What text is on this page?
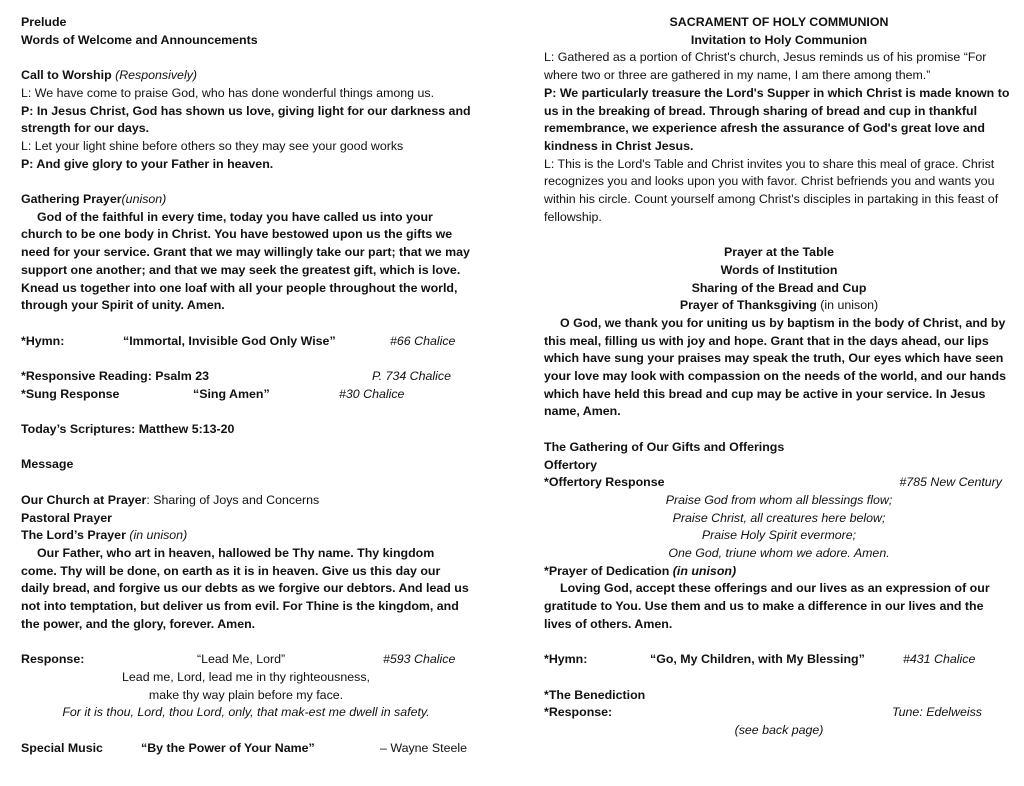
Prelude

Words of Welcome and Announcements

Call to Worship (Responsively)

L: We have come to praise God, who has done wonderful things among us.

P: In Jesus Christ, God has shown us love, giving light for our darkness and strength for our days.

L: Let your light shine before others so they may see your good works

P: And give glory to your Father in heaven.

Gathering Prayer(unison)

God of the faithful in every time, today you have called us into your church to be one body in Christ. You have bestowed upon us the gifts we need for your service. Grant that we may willingly take our part; that we may support one another; and that we may seek the greatest gift, which is love. Knead us together into one loaf with all your people throughout the world, through your Spirit of unity. Amen.

*Hymn:	“Immortal, Invisible God Only Wise”	#66 Chalice
*Responsive Reading: Psalm 23	P. 734 Chalice
*Sung Response	“Sing Amen”	#30 Chalice

Today’s Scriptures: Matthew 5:13-20

Message

Our Church at Prayer: Sharing of Joys and Concerns

Pastoral Prayer

The Lord’s Prayer (in unison)

Our Father, who art in heaven, hallowed be Thy name. Thy kingdom come. Thy will be done, on earth as it is in heaven. Give us this day our daily bread, and forgive us our debts as we forgive our debtors. And lead us not into temptation, but deliver us from evil. For Thine is the kingdom, and the power, and the glory, forever. Amen.

Response:	“Lead Me, Lord”	#593 Chalice

Lead me, Lord, lead me in thy righteousness,

make thy way plain before my face.

For it is thou, Lord, thou Lord, only, that mak-est me dwell in safety.

Special Music	“By the Power of Your Name”	– Wayne Steele

SACRAMENT OF HOLY COMMUNION

Invitation to Holy Communion

L: Gathered as a portion of Christ's church, Jesus reminds us of his promise “For where two or three are gathered in my name, I am there among them.”

P: We particularly treasure the Lord's Supper in which Christ is made known to us in the breaking of bread. Through sharing of bread and cup in thankful remembrance, we experience afresh the assurance of God's great love and kindness in Christ Jesus.

L: This is the Lord's Table and Christ invites you to share this meal of grace. Christ recognizes you and looks upon you with favor. Christ befriends you and wants you within his circle. Count yourself among Christ's disciples in partaking in this feast of fellowship.

Prayer at the Table

Words of Institution

Sharing of the Bread and Cup

Prayer of Thanksgiving (in unison)

O God, we thank you for uniting us by baptism in the body of Christ, and by this meal, filling us with joy and hope. Grant that in the days ahead, our lips which have sung your praises may speak the truth, Our eyes which have seen your love may look with compassion on the needs of the world, and our hands which have held this bread and cup may be active in your service. In Jesus name, Amen.

The Gathering of Our Gifts and Offerings

Offertory

*Offertory Response	#785 New Century

Praise God from whom all blessings flow;

Praise Christ, all creatures here below;

Praise Holy Spirit evermore;

One God, triune whom we adore. Amen.

*Prayer of Dedication (in unison)

Loving God, accept these offerings and our lives as an expression of our gratitude to You. Use them and us to make a difference in our lives and the lives of others. Amen.

*Hymn:	“Go, My Children, with My Blessing”	#431 Chalice

*The Benediction

*Response:	Tune: Edelweiss

(see back page)
